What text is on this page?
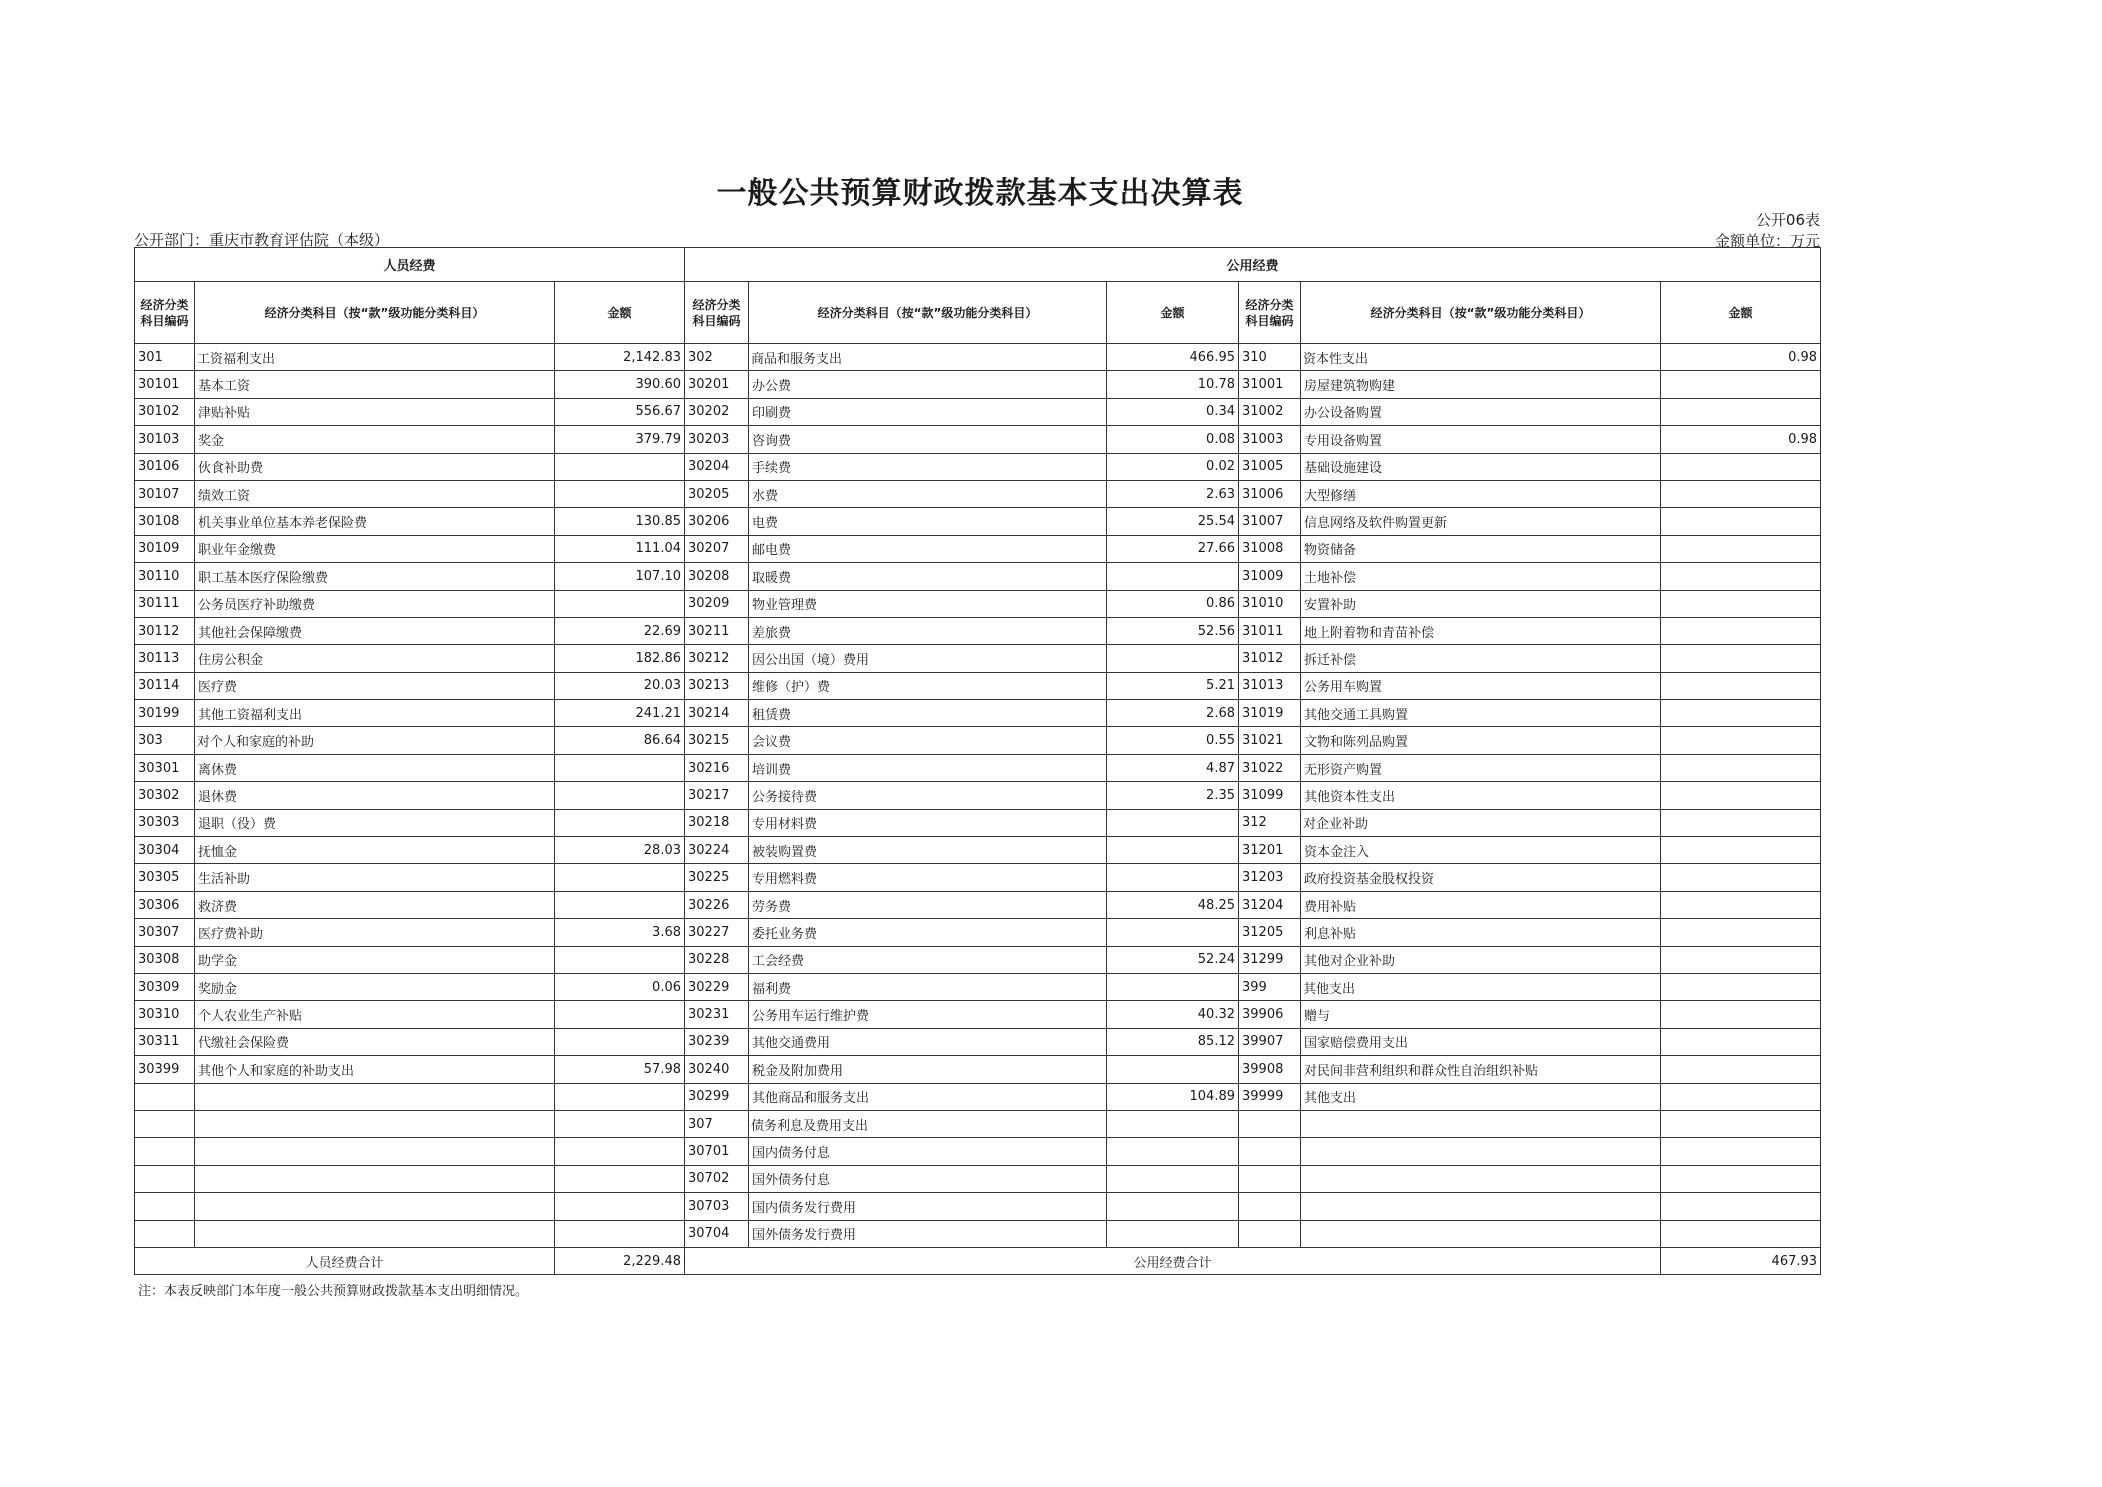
一般公共预算财政拨款基本支出决算表
公开部门：重庆市教育评估院（本级）
公开06表
金额单位：万元
人员经费			公用经费					
经济分类科目编码	经济分类科目（按“款”级功能分类科目）	金额	经济分类科目编码	经济分类科目（按“款”级功能分类科目）	金额	经济分类科目编码	经济分类科目（按“款”级功能分类科目）	金额
301	工资福利支出	2,142.83	302	商品和服务支出	466.95	310	资本性支出	0.98
30101	基本工资	390.60	30201	办公费	10.78	31001	房屋建筑物购建	
30102	津贴补贴	556.67	30202	印刷费	0.34	31002	办公设备购置	
30103	奖金	379.79	30203	咨询费	0.08	31003	专用设备购置	0.98
30106	伙食补助费		30204	手续费	0.02	31005	基础设施建设	
30107	绩效工资		30205	水费	2.63	31006	大型修缮	
30108	机关事业单位基本养老保险费	130.85	30206	电费	25.54	31007	信息网络及软件购置更新	
30109	职业年金缴费	111.04	30207	邮电费	27.66	31008	物资储备	
30110	职工基本医疗保险缴费	107.10	30208	取暖费		31009	土地补偿	
30111	公务员医疗补助缴费		30209	物业管理费	0.86	31010	安置补助	
30112	其他社会保障缴费	22.69	30211	差旅费	52.56	31011	地上附着物和青苗补偿	
30113	住房公积金	182.86	30212	因公出国（境）费用		31012	拆迁补偿	
30114	医疗费	20.03	30213	维修（护）费	5.21	31013	公务用车购置	
30199	其他工资福利支出	241.21	30214	租赁费	2.68	31019	其他交通工具购置	
303	对个人和家庭的补助	86.64	30215	会议费	0.55	31021	文物和陈列品购置	
30301	离休费		30216	培训费	4.87	31022	无形资产购置	
30302	退休费		30217	公务接待费	2.35	31099	其他资本性支出	
30303	退职（役）费		30218	专用材料费		312	对企业补助	
30304	抚恤金	28.03	30224	被装购置费		31201	资本金注入	
30305	生活补助		30225	专用燃料费		31203	政府投资基金股权投资	
30306	救济费		30226	劳务费	48.25	31204	费用补贴	
30307	医疗费补助	3.68	30227	委托业务费		31205	利息补贴	
30308	助学金		30228	工会经费	52.24	31299	其他对企业补助	
30309	奖励金	0.06	30229	福利费		399	其他支出	
30310	个人农业生产补贴		30231	公务用车运行维护费	40.32	39906	赠与	
30311	代缴社会保险费		30239	其他交通费用	85.12	39907	国家赔偿费用支出	
30399	其他个人和家庭的补助支出	57.98	30240	税金及附加费用		39908	对民间非营利组织和群众性自治组织补贴	
			30299	其他商品和服务支出	104.89	39999	其他支出	
			307	债务利息及费用支出				
			30701	国内债务付息				
			30702	国外债务付息				
			30703	国内债务发行费用				
			30704	国外债务发行费用				
人员经费合计		2,229.48	公用经费合计					467.93
注：本表反映部门本年度一般公共预算财政拨款基本支出明细情况。
